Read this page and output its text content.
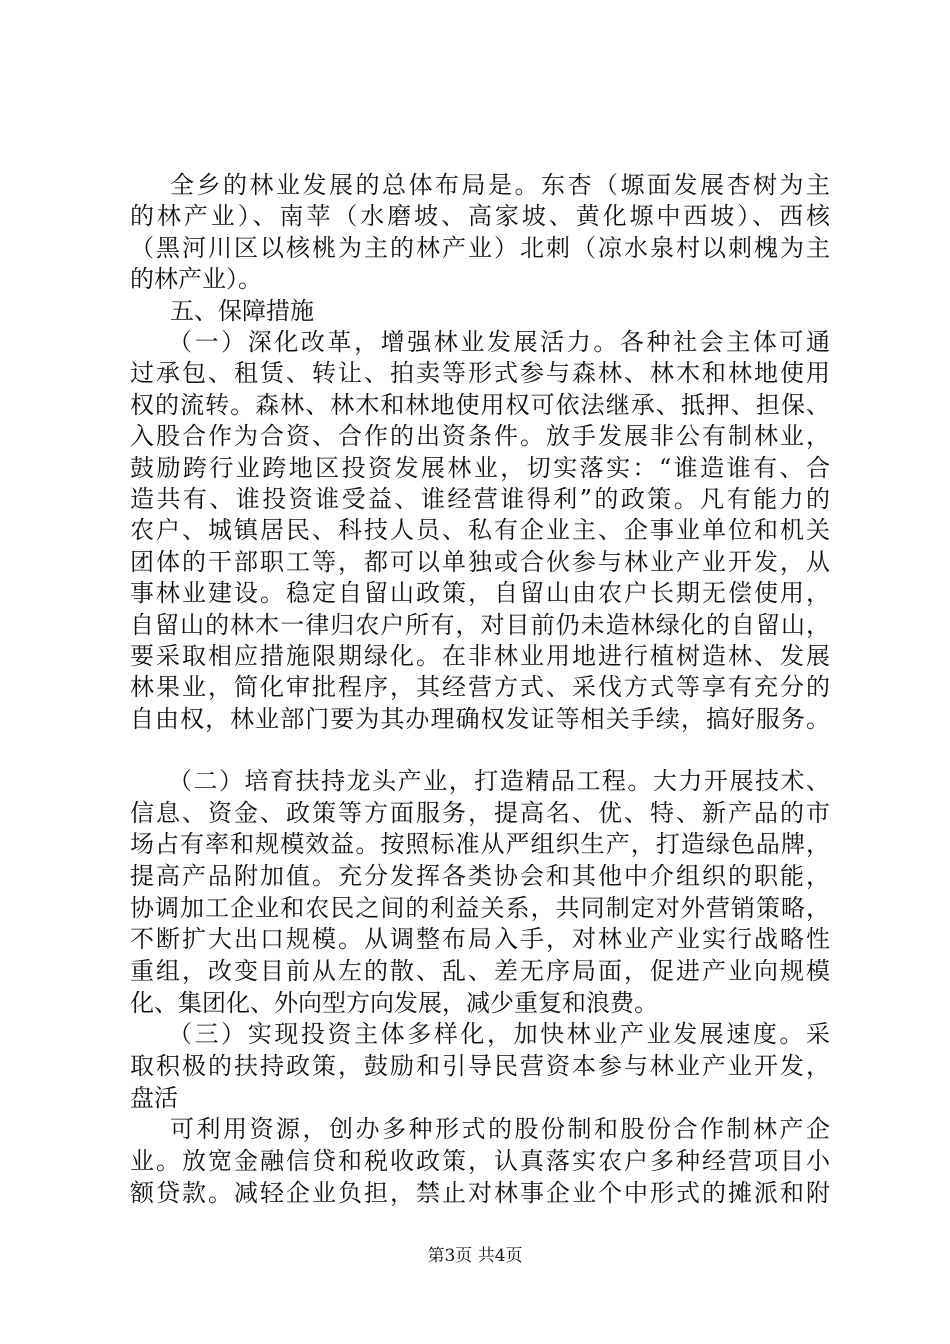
全乡的林业发展的总体布局是。东杏（塬面发展杏树为主
的林产业）、南苹（水磨坡、高家坡、黄化塬中西坡）、西核
（黑河川区以核桃为主的林产业）北刺（凉水泉村以刺槐为主
的林产业）。
五、保障措施
（一）深化改革，增强林业发展活力。各种社会主体可通
过承包、租赁、转让、拍卖等形式参与森林、林木和林地使用
权的流转。森林、林木和林地使用权可依法继承、抵押、担保、
入股合作为合资、合作的出资条件。放手发展非公有制林业，
鼓励跨行业跨地区投资发展林业，切实落实：“谁造谁有、合
造共有、谁投资谁受益、谁经营谁得利”的政策。凡有能力的
农户、城镇居民、科技人员、私有企业主、企事业单位和机关
团体的干部职工等，都可以单独或合伙参与林业产业开发，从
事林业建设。稳定自留山政策，自留山由农户长期无偿使用，
自留山的林木一律归农户所有，对目前仍未造林绿化的自留山，
要采取相应措施限期绿化。在非林业用地进行植树造林、发展
林果业，简化审批程序，其经营方式、采伐方式等享有充分的
自由权，林业部门要为其办理确权发证等相关手续，搞好服务。
（二）培育扶持龙头产业，打造精品工程。大力开展技术、
信息、资金、政策等方面服务，提高名、优、特、新产品的市
场占有率和规模效益。按照标准从严组织生产，打造绿色品牌，
提高产品附加值。充分发挥各类协会和其他中介组织的职能，
协调加工企业和农民之间的利益关系，共同制定对外营销策略，
不断扩大出口规模。从调整布局入手，对林业产业实行战略性
重组，改变目前从左的散、乱、差无序局面，促进产业向规模
化、集团化、外向型方向发展，减少重复和浪费。
（三）实现投资主体多样化，加快林业产业发展速度。采
取积极的扶持政策，鼓励和引导民营资本参与林业产业开发，
盘活
可利用资源，创办多种形式的股份制和股份合作制林产企
业。放宽金融信贷和税收政策，认真落实农户多种经营项目小
额贷款。减轻企业负担，禁止对林事企业个中形式的摊派和附
第3页 共4页
